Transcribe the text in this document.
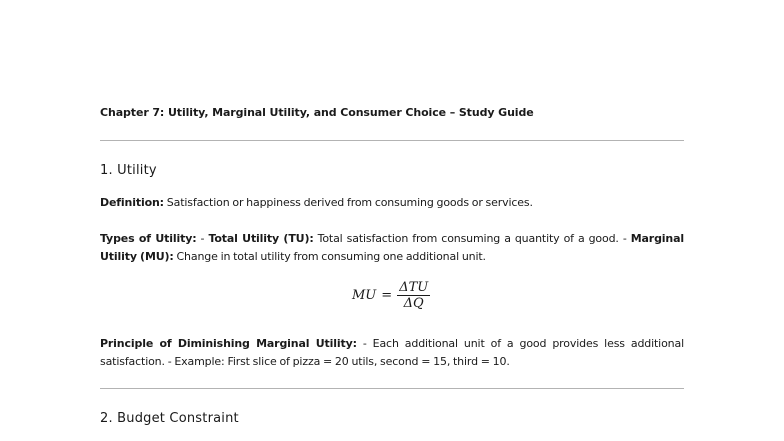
Chapter 7: Utility, Marginal Utility, and Consumer Choice – Study Guide
1. Utility
Definition: Satisfaction or happiness derived from consuming goods or services.
Types of Utility: - Total Utility (TU): Total satisfaction from consuming a quantity of a good. - Marginal Utility (MU): Change in total utility from consuming one additional unit.
MU = $\frac{\text{ΔTU}}{\Delta Q}$
Principle of Diminishing Marginal Utility: - Each additional unit of a good provides less additional satisfaction. - Example: First slice of pizza = 20 utils, second = 15, third = 10.
2. Budget Constraint
